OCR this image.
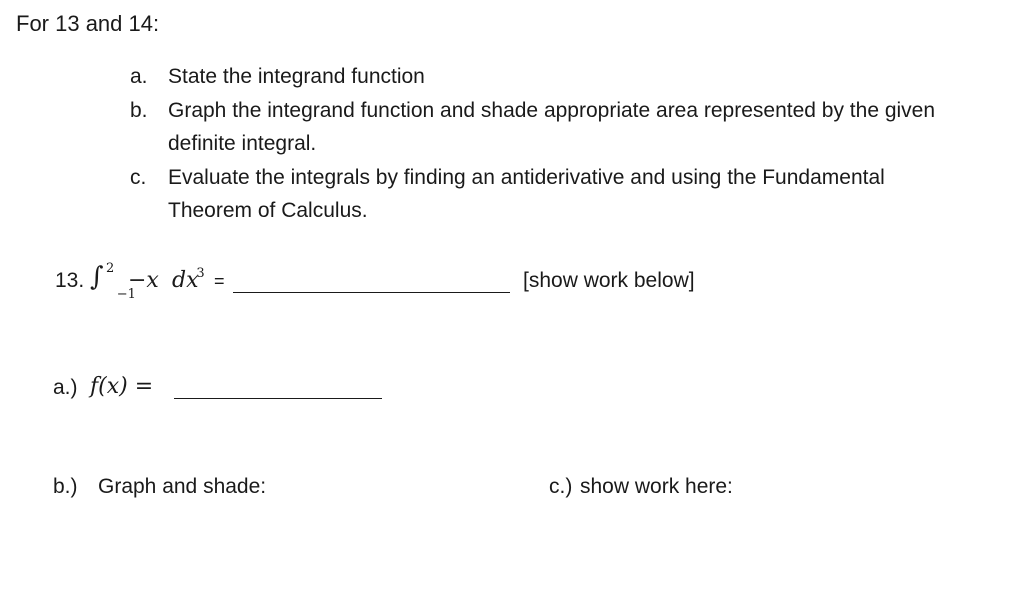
For 13 and 14:
a. State the integrand function
b. Graph the integrand function and shade appropriate area represented by the given definite integral.
c.	Evaluate the integrals by finding an antiderivative and using the Fundamental Theorem of Calculus.
13. ∫ $_2$ $_{-1}$
−x	$_3$
dx =	[show work below]
a.) f(x) =
b.) Graph and shade:	c.) show work here:
